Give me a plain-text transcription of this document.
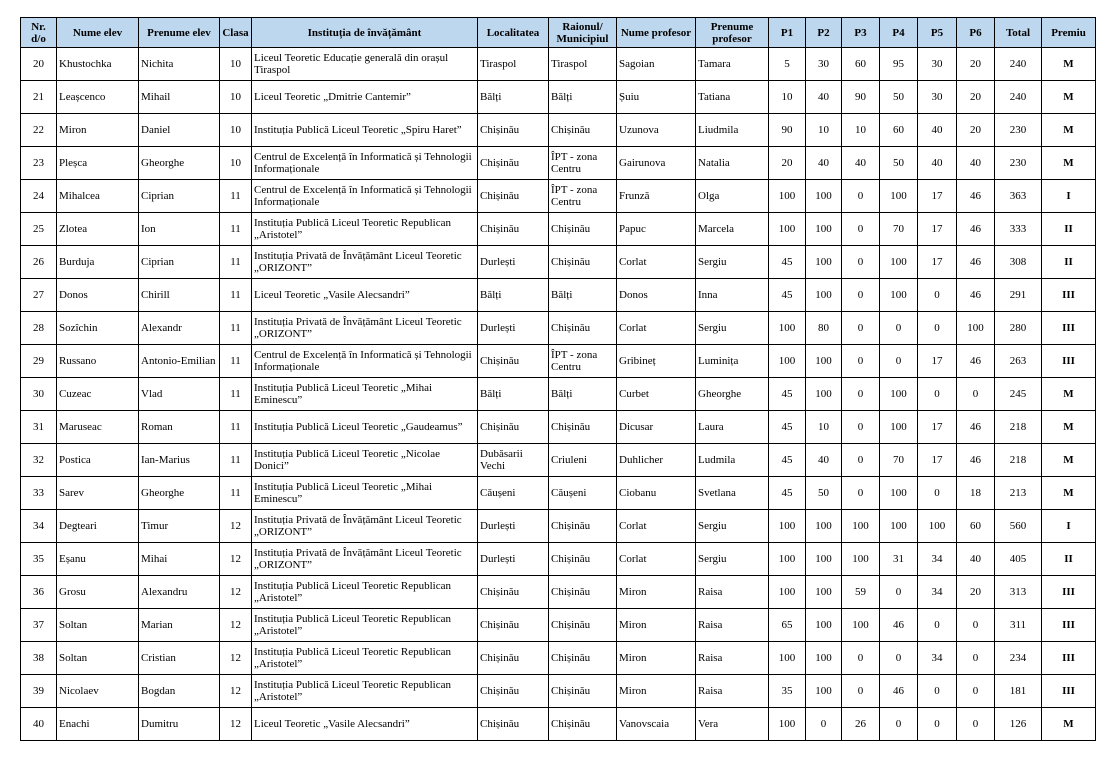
Nr. d/o	Nume elev	Prenume elev	Clasa	Instituția de învățământ	Localitatea	Raionul/ Municipiul	Nume profesor	Prenume profesor	P1	P2	P3	P4	P5	P6	Total	Premiu
20	Khustochka	Nichita	10	Liceul Teoretic Educație generală din orașul Tiraspol	Tiraspol	Tiraspol	Sagoian	Tamara	5	30	60	95	30	20	240	M
21	Leașcenco	Mihail	10	Liceul Teoretic „Dmitrie Cantemir”	Bălți	Bălți	Șuiu	Tatiana	10	40	90	50	30	20	240	M
22	Miron	Daniel	10	Instituția Publică Liceul Teoretic „Spiru Haret”	Chișinău	Chișinău	Uzunova	Liudmila	90	10	10	60	40	20	230	M
23	Pleșca	Gheorghe	10	Centrul de Excelență în Informatică și Tehnologii Informaționale	Chișinău	ÎPT - zona Centru	Gairunova	Natalia	20	40	40	50	40	40	230	M
24	Mihalcea	Ciprian	11	Centrul de Excelență în Informatică și Tehnologii Informaționale	Chișinău	ÎPT - zona Centru	Frunză	Olga	100	100	0	100	17	46	363	I
25	Zlotea	Ion	11	Instituția Publică Liceul Teoretic Republican „Aristotel”	Chișinău	Chișinău	Papuc	Marcela	100	100	0	70	17	46	333	II
26	Burduja	Ciprian	11	Instituția Privată de Învățământ Liceul Teoretic „ORIZONT”	Durlești	Chișinău	Corlat	Sergiu	45	100	0	100	17	46	308	II
27	Donos	Chirill	11	Liceul Teoretic „Vasile Alecsandri”	Bălți	Bălți	Donos	Inna	45	100	0	100	0	46	291	III
28	Sozîchin	Alexandr	11	Instituția Privată de Învățământ Liceul Teoretic „ORIZONT”	Durlești	Chișinău	Corlat	Sergiu	100	80	0	0	0	100	280	III
29	Russano	Antonio-Emilian	11	Centrul de Excelență în Informatică și Tehnologii Informaționale	Chișinău	ÎPT - zona Centru	Gribineț	Luminița	100	100	0	0	17	46	263	III
30	Cuzeac	Vlad	11	Instituția Publică Liceul Teoretic „Mihai Eminescu”	Bălți	Bălți	Curbet	Gheorghe	45	100	0	100	0	0	245	M
31	Maruseac	Roman	11	Instituția Publică Liceul Teoretic „Gaudeamus”	Chișinău	Chișinău	Dicusar	Laura	45	10	0	100	17	46	218	M
32	Postica	Ian-Marius	11	Instituția Publică Liceul Teoretic „Nicolae Donici”	Dubăsarii Vechi	Criuleni	Duhlicher	Ludmila	45	40	0	70	17	46	218	M
33	Sarev	Gheorghe	11	Instituția Publică Liceul Teoretic „Mihai Eminescu”	Căușeni	Căușeni	Ciobanu	Svetlana	45	50	0	100	0	18	213	M
34	Degteari	Timur	12	Instituția Privată de Învățământ Liceul Teoretic „ORIZONT”	Durlești	Chișinău	Corlat	Sergiu	100	100	100	100	100	60	560	I
35	Eșanu	Mihai	12	Instituția Privată de Învățământ Liceul Teoretic „ORIZONT”	Durlești	Chișinău	Corlat	Sergiu	100	100	100	31	34	40	405	II
36	Grosu	Alexandru	12	Instituția Publică Liceul Teoretic Republican „Aristotel”	Chișinău	Chișinău	Miron	Raisa	100	100	59	0	34	20	313	III
37	Soltan	Marian	12	Instituția Publică Liceul Teoretic Republican „Aristotel”	Chișinău	Chișinău	Miron	Raisa	65	100	100	46	0	0	311	III
38	Soltan	Cristian	12	Instituția Publică Liceul Teoretic Republican „Aristotel”	Chișinău	Chișinău	Miron	Raisa	100	100	0	0	34	0	234	III
39	Nicolaev	Bogdan	12	Instituția Publică Liceul Teoretic Republican „Aristotel”	Chișinău	Chișinău	Miron	Raisa	35	100	0	46	0	0	181	III
40	Enachi	Dumitru	12	Liceul Teoretic „Vasile Alecsandri”	Chișinău	Chișinău	Vanovscaia	Vera	100	0	26	0	0	0	126	M
